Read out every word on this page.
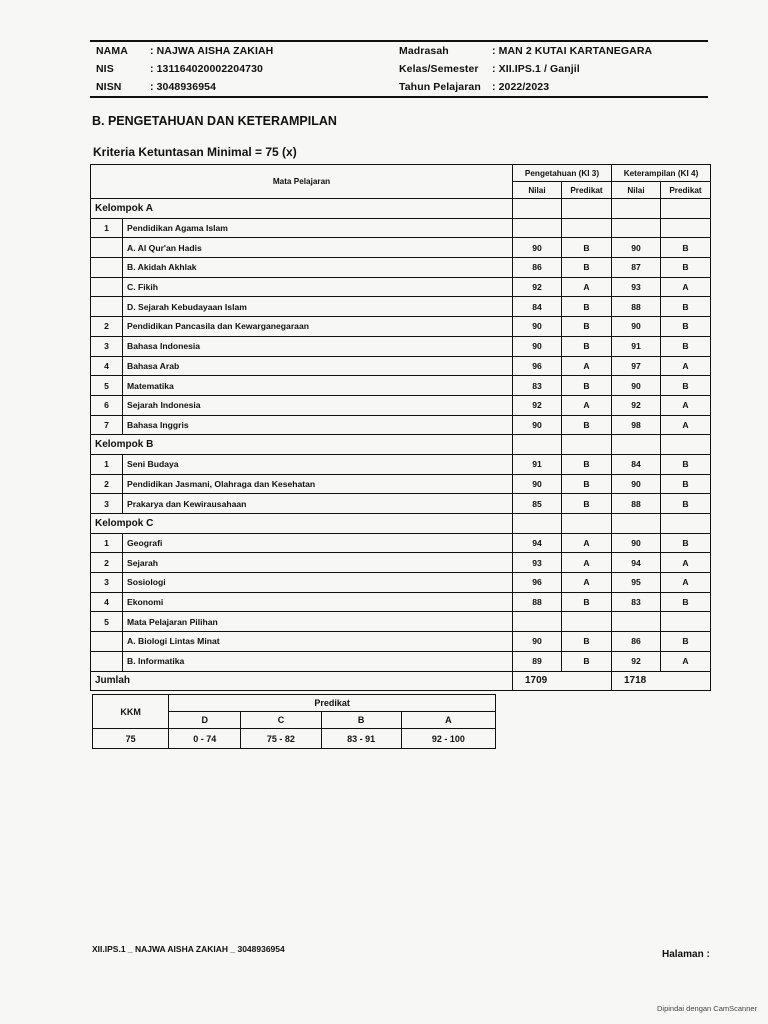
NAMA : NAJWA AISHA ZAKIAH	Madrasah	: MAN 2 KUTAI KARTANEGARA
NIS	: 131164020002204730	Kelas/Semester : XII.IPS.1 / Ganjil
NISN	: 3048936954	Tahun Pelajaran : 2022/2023
B. PENGETAHUAN DAN KETERAMPILAN
Kriteria Ketuntasan Minimal = 75 (x)
Mata Pelajaran		Pengetahuan (KI 3)		Keterampilan (KI 4)	
		Nilai	Predikat	Nilai	Predikat
Kelompok A					
1	Pendidikan Agama Islam				
	A. Al Qur'an Hadis	90	B	90	B
	B. Akidah Akhlak	86	B	87	B
	C. Fikih	92	A	93	A
	D. Sejarah Kebudayaan Islam	84	B	88	B
2	Pendidikan Pancasila dan Kewarganegaraan	90	B	90	B
3	Bahasa Indonesia	90	B	91	B
4	Bahasa Arab	96	A	97	A
5	Matematika	83	B	90	B
6	Sejarah Indonesia	92	A	92	A
7	Bahasa Inggris	90	B	98	A
Kelompok B					
1	Seni Budaya	91	B	84	B
2	Pendidikan Jasmani, Olahraga dan Kesehatan	90	B	90	B
3	Prakarya dan Kewirausahaan	85	B	88	B
Kelompok C					
1	Geografi	94	A	90	B
2	Sejarah	93	A	94	A
3	Sosiologi	96	A	95	A
4	Ekonomi	88	B	83	B
5	Mata Pelajaran Pilihan				
	A. Biologi Lintas Minat	90	B	86	B
	B. Informatika	89	B	92	A
Jumlah		1709		1718	
KKM	Predikat			
	D	C	B	A
75	0 - 74	75 - 82	83 - 91	92 - 100
XII.IPS.1 _ NAJWA AISHA ZAKIAH _ 3048936954	Halaman :
Dipindai dengan CamScanner
